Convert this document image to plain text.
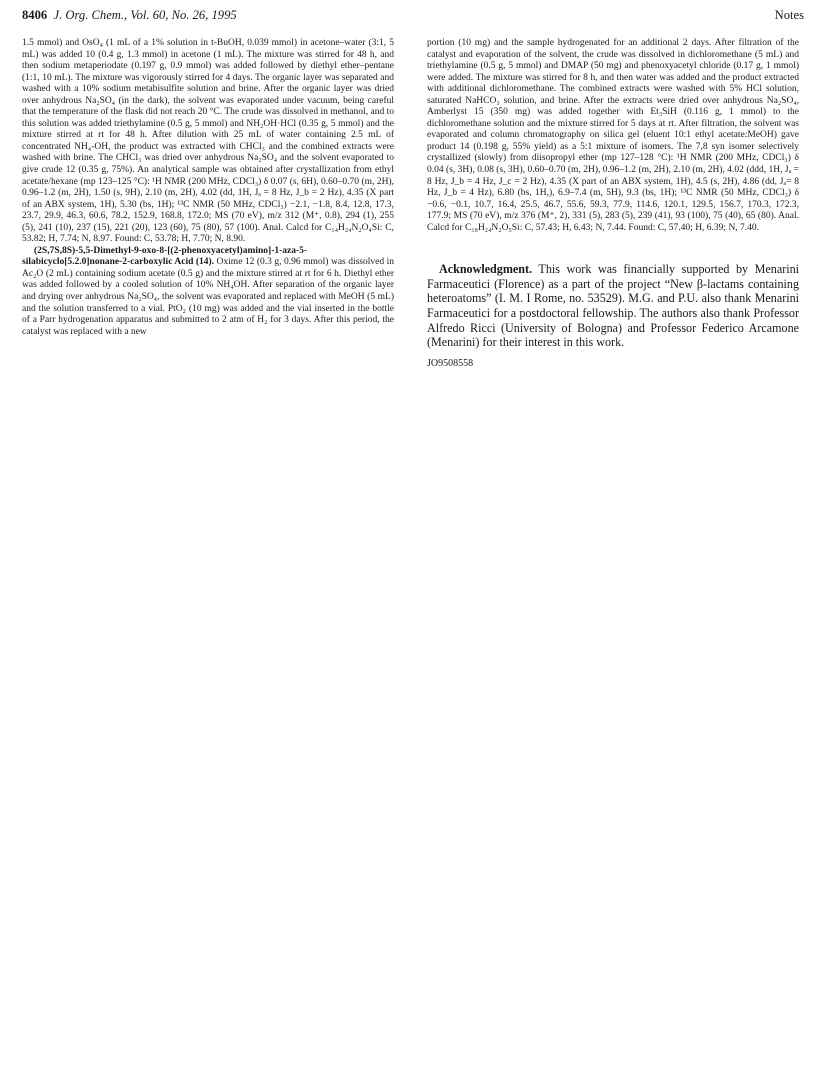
8406 J. Org. Chem., Vol. 60, No. 26, 1995	Notes

1.5 mmol) and OsO₄ (1 mL of a 1% solution in t-BuOH, 0.039 mmol) in acetone–water (3:1, 5 mL) was added 10 (0.4 g, 1.3 mmol) in acetone (1 mL). The mixture was stirred for 48 h, and then sodium metaperiodate (0.197 g, 0.9 mmol) was added followed by diethyl ether–pentane (1:1, 10 mL). The mixture was vigorously stirred for 4 days. The organic layer was separated and washed with a 10% sodium metabisulfite solution and brine. After the organic layer was dried over anhydrous Na₂SO₄ (in the dark), the solvent was evaporated under vacuum, being careful that the temperature of the flask did not reach 20 °C. The crude was dissolved in methanol, and to this solution was added triethylamine (0.5 g, 5 mmol) and NH₂OH·HCl (0.35 g, 5 mmol) and the mixture stirred at rt for 48 h. After dilution with 25 mL of water containing 2.5 mL of concentrated NH₄-OH, the product was extracted with CHCl₃ and the combined extracts were washed with brine. The CHCl₃ was dried over anhydrous Na₂SO₄ and the solvent evaporated to give crude 12 (0.35 g, 75%). An analytical sample was obtained after crystallization from ethyl acetate/hexane (mp 123–125 °C): ¹H NMR (200 MHz, CDCl₃) δ 0.07 (s, 6H), 0.60–0.70 (m, 2H), 0.96–1.2 (m, 2H), 1.50 (s, 9H), 2.10 (m, 2H), 4.02 (dd, 1H, Jₐ = 8 Hz, J_b = 2 Hz), 4.35 (X part of an ABX system, 1H), 5.30 (bs, 1H); ¹³C NMR (50 MHz, CDCl₃) −2.1, −1.8, 8.4, 12.8, 17.3, 23.7, 29.9, 46.3, 60.6, 78.2, 152.9, 168.8, 172.0; MS (70 eV), m/z 312 (M⁺, 0.8), 294 (1), 255 (5), 241 (10), 237 (15), 221 (20), 123 (60), 75 (80), 57 (100). Anal. Calcd for C₁₄H₂₄N₂O₄Si: C, 53.82; H, 7.74; N, 8.97. Found: C, 53.78; H, 7.70; N, 8.90.

(2S,7S,8S)-5,5-Dimethyl-9-oxo-8-[(2-phenoxyacetyl)amino]-1-aza-5-silabicyclo[5.2.0]nonane-2-carboxylic Acid (14). Oxime 12 (0.3 g, 0.96 mmol) was dissolved in Ac₂O (2 mL) containing sodium acetate (0.5 g) and the mixture stirred at rt for 6 h. Diethyl ether was added followed by a cooled solution of 10% NH₄OH. After separation of the organic layer and drying over anhydrous Na₂SO₄, the solvent was evaporated and replaced with MeOH (5 mL) and the solution transferred to a vial. PtO₂ (10 mg) was added and the vial inserted in the bottle of a Parr hydrogenation apparatus and submitted to 2 atm of H₂ for 3 days. After this period, the catalyst was replaced with a new

portion (10 mg) and the sample hydrogenated for an additional 2 days. After filtration of the catalyst and evaporation of the solvent, the crude was dissolved in dichloromethane (5 mL) and triethylamine (0.5 g, 5 mmol) and DMAP (50 mg) and phenoxyacetyl chloride (0.17 g, 1 mmol) were added. The mixture was stirred for 8 h, and then water was added and the product extracted with additional dichloromethane. The combined extracts were washed with 5% HCl solution, saturated NaHCO₃ solution, and brine. After the extracts were dried over anhydrous Na₂SO₄, Amberlyst 15 (350 mg) was added together with Et₃SiH (0.116 g, 1 mmol) to the dichloromethane solution and the mixture stirred for 5 days at rt. After filtration, the solvent was evaporated and column chromatography on silica gel (eluent 10:1 ethyl acetate:MeOH) gave product 14 (0.198 g, 55% yield) as a 5:1 mixture of isomers. The 7,8 syn isomer selectively crystallized (slowly) from diisopropyl ether (mp 127–128 °C): ¹H NMR (200 MHz, CDCl₃) δ 0.04 (s, 3H), 0.08 (s, 3H), 0.60–0.70 (m, 2H), 0.96–1.2 (m, 2H), 2.10 (m, 2H), 4.02 (ddd, 1H, Jₐ = 8 Hz, J_b = 4 Hz, J_c = 2 Hz), 4.35 (X part of an ABX system, 1H), 4.5 (s, 2H), 4.86 (dd, Jₐ= 8 Hz, J_b = 4 Hz), 6.80 (bs, 1H,), 6.9–7.4 (m, 5H), 9.3 (bs, 1H); ¹³C NMR (50 MHz, CDCl₃) δ −0.6, −0.1, 10.7, 16.4, 25.5, 46.7, 55.6, 59.3, 77.9, 114.6, 120.1, 129.5, 156.7, 170.3, 172.3, 177.9; MS (70 eV), m/z 376 (M⁺, 2), 331 (5), 283 (5), 239 (41), 93 (100), 75 (40), 65 (80). Anal. Calcd for C₁₈H₂₄N₂O₅Si: C, 57.43; H, 6.43; N, 7.44. Found: C, 57.40; H, 6.39; N, 7.40.

Acknowledgment. This work was financially supported by Menarini Farmaceutici (Florence) as a part of the project “New β-lactams containing heteroatoms” (I. M. I Rome, no. 53529). M.G. and P.U. also thank Menarini Farmaceutici for a postdoctoral fellowship. The authors also thank Professor Alfredo Ricci (University of Bologna) and Professor Federico Arcamone (Menarini) for their interest in this work.

JO9508558
